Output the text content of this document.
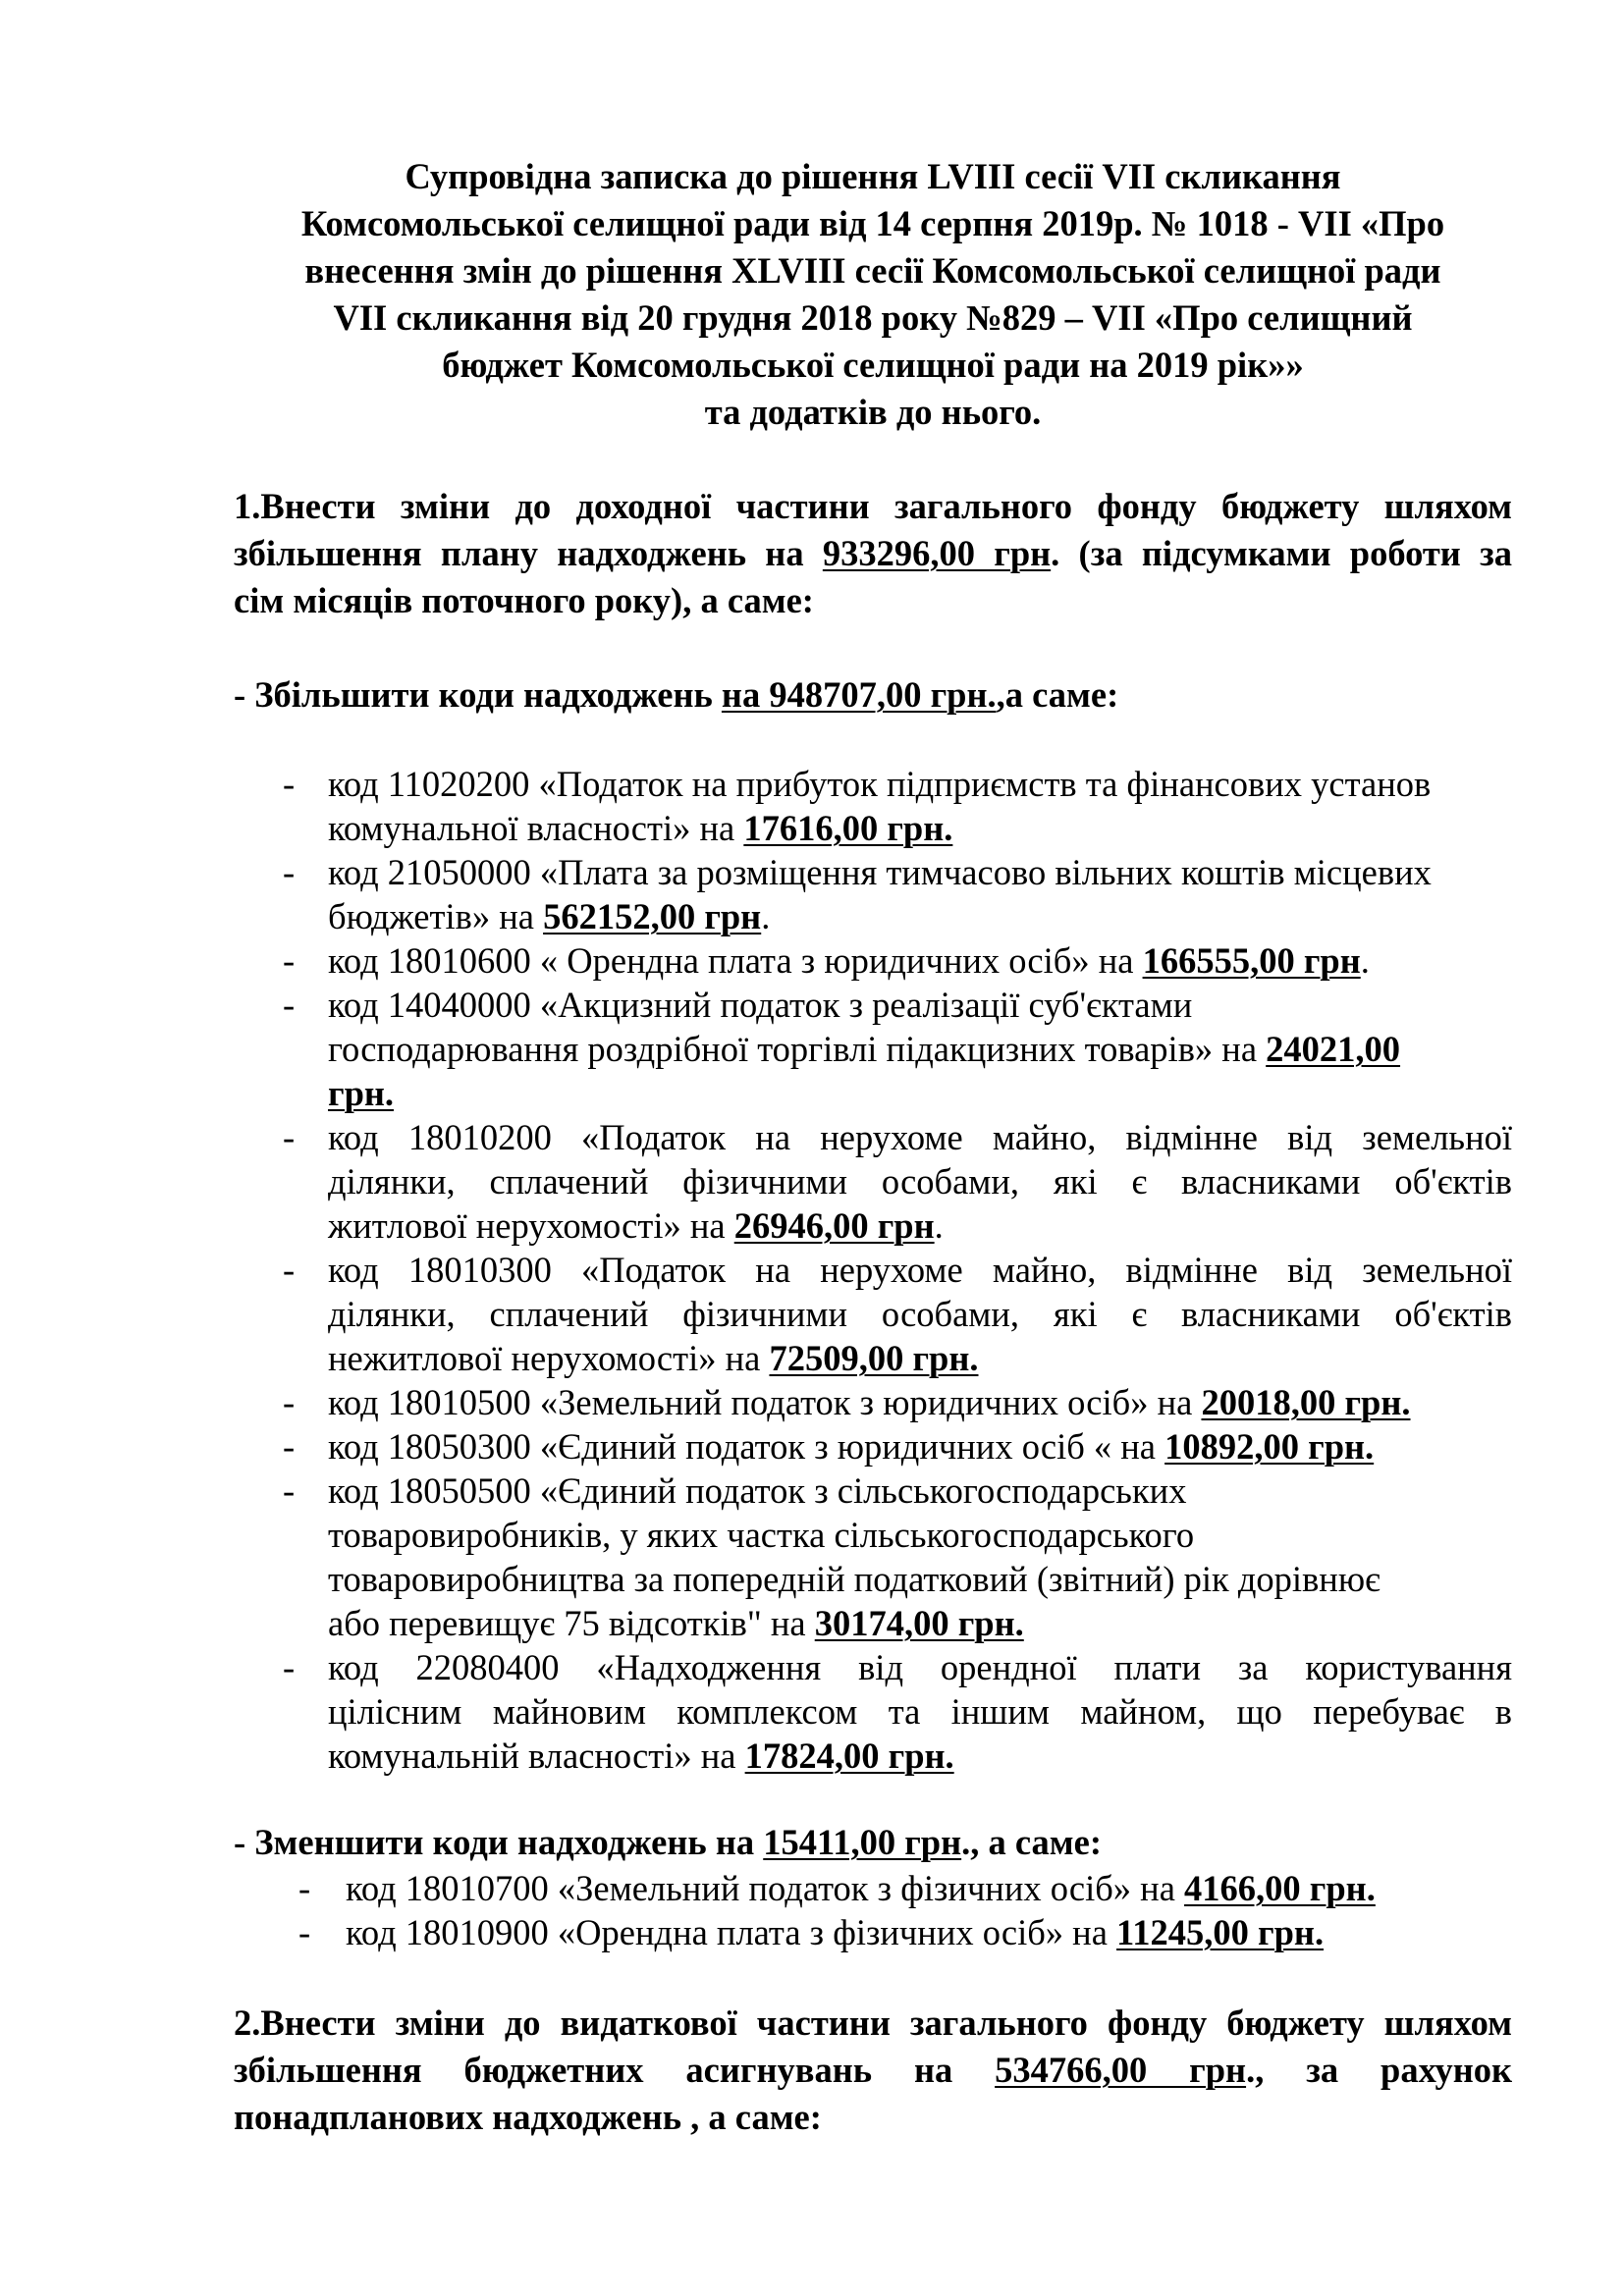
Супровідна записка до рішення LVIII сесії VII скликання
Комсомольської селищної ради від 14 серпня 2019р. № 1018 - VII «Про
внесення змін до рішення XLVIII сесії Комсомольської селищної ради
VII скликання від 20 грудня 2018 року №829 – VII «Про селищний
бюджет Комсомольської селищної ради на 2019 рік»»
та додатків до нього.
1.Внести зміни до доходної частини загального фонду бюджету шляхом
збільшення плану надходжень на 933296,00 грн. (за підсумками роботи за
сім місяців поточного року), а саме:

- Збільшити коди надходжень на 948707,00 грн.,а саме:

- код 11020200 «Податок на прибуток підприємств та фінансових установ
комунальної власності» на 17616,00 грн.
- код 21050000 «Плата за розміщення тимчасово вільних коштів місцевих
бюджетів» на 562152,00 грн.
- код 18010600 « Орендна плата з юридичних осіб» на 166555,00 грн.
- код 14040000 «Акцизний податок з реалізації суб'єктами
господарювання роздрібної торгівлі підакцизних товарів» на 24021,00
грн.
- код 18010200 «Податок на нерухоме майно, відмінне від земельної
ділянки, сплачений фізичними особами, які є власниками об'єктів
житлової нерухомості» на 26946,00 грн.
- код 18010300 «Податок на нерухоме майно, відмінне від земельної
ділянки, сплачений фізичними особами, які є власниками об'єктів
нежитлової нерухомості» на 72509,00 грн.
- код 18010500 «Земельний податок з юридичних осіб» на 20018,00 грн.
- код 18050300 «Єдиний податок з юридичних осіб « на 10892,00 грн.
- код 18050500 «Єдиний податок з сільськогосподарських
товаровиробників, у яких частка сільськогосподарського
товаровиробництва за попередній податковий (звітний) рік дорівнює
або перевищує 75 відсотків" на 30174,00 грн.
- код 22080400 «Надходження від орендної плати за користування
цілісним майновим комплексом та іншим майном, що перебуває в
комунальній власності» на 17824,00 грн.

- Зменшити коди надходжень на 15411,00 грн., а саме:

- код 18010700 «Земельний податок з фізичних осіб» на 4166,00 грн.
- код 18010900 «Орендна плата з фізичних осіб» на 11245,00 грн.
2.Внести зміни до видаткової частини загального фонду бюджету шляхом
збільшення бюджетних асигнувань на 534766,00 грн., за рахунок
понадпланових надходжень , а саме:
